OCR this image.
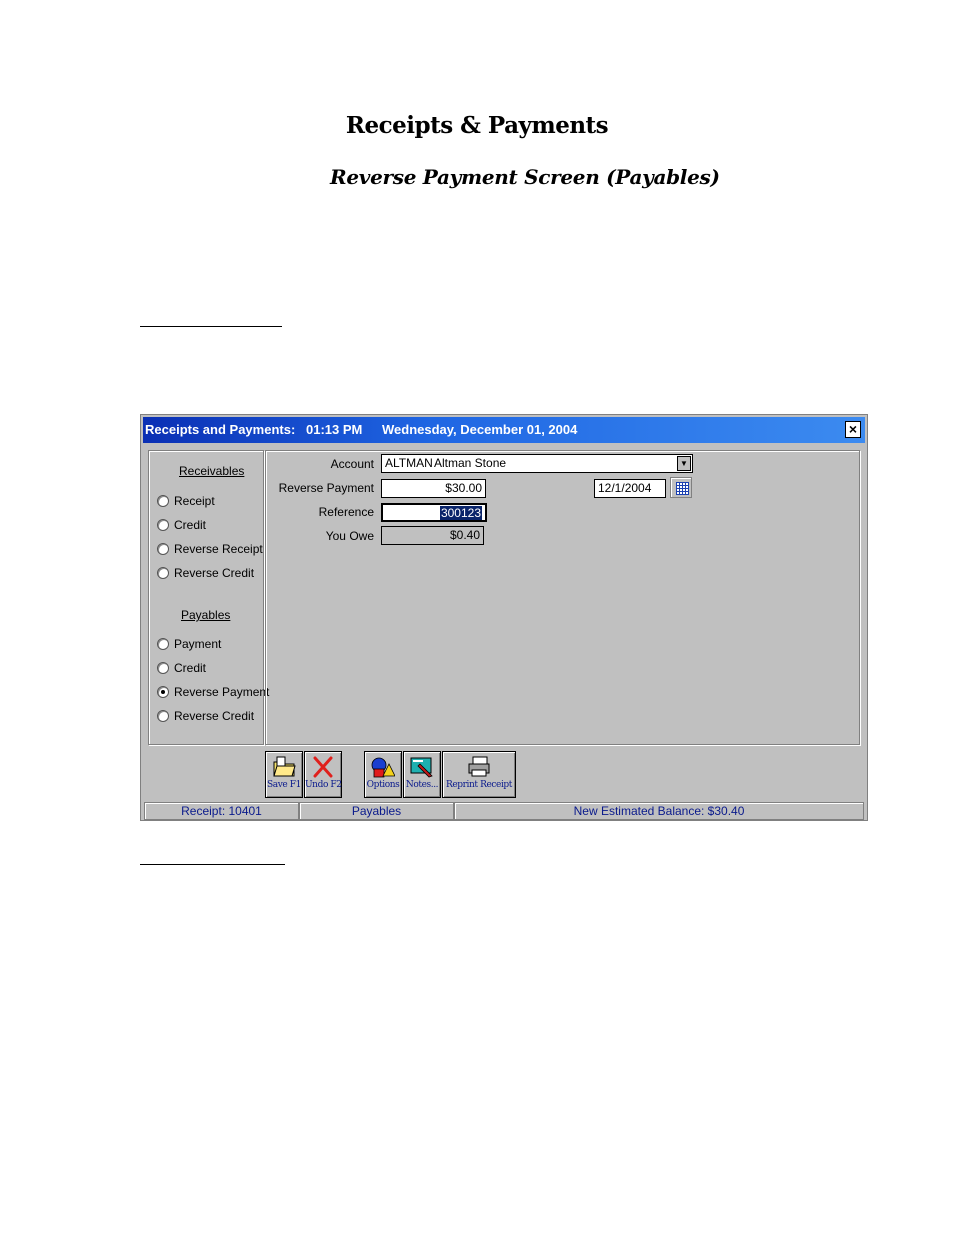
Receipts & Payments
Reverse Payment Screen (Payables)
Receipts and Payments: 01:13 PM Wednesday, December 01, 2004	×
Receivables
Receipt
Credit
Reverse Receipt
Reverse Credit
Payables
Payment
Credit
Reverse Payment
Reverse Credit
Account ALTMAN Altman Stone	▼
Reverse Payment	$30.00	12/1/2004
Reference	300123
You Owe	$0.40
Save F1 Undo F2	Options Notes... Reprint Receipt
Receipt: 10401	Payables	New Estimated Balance: $30.40
